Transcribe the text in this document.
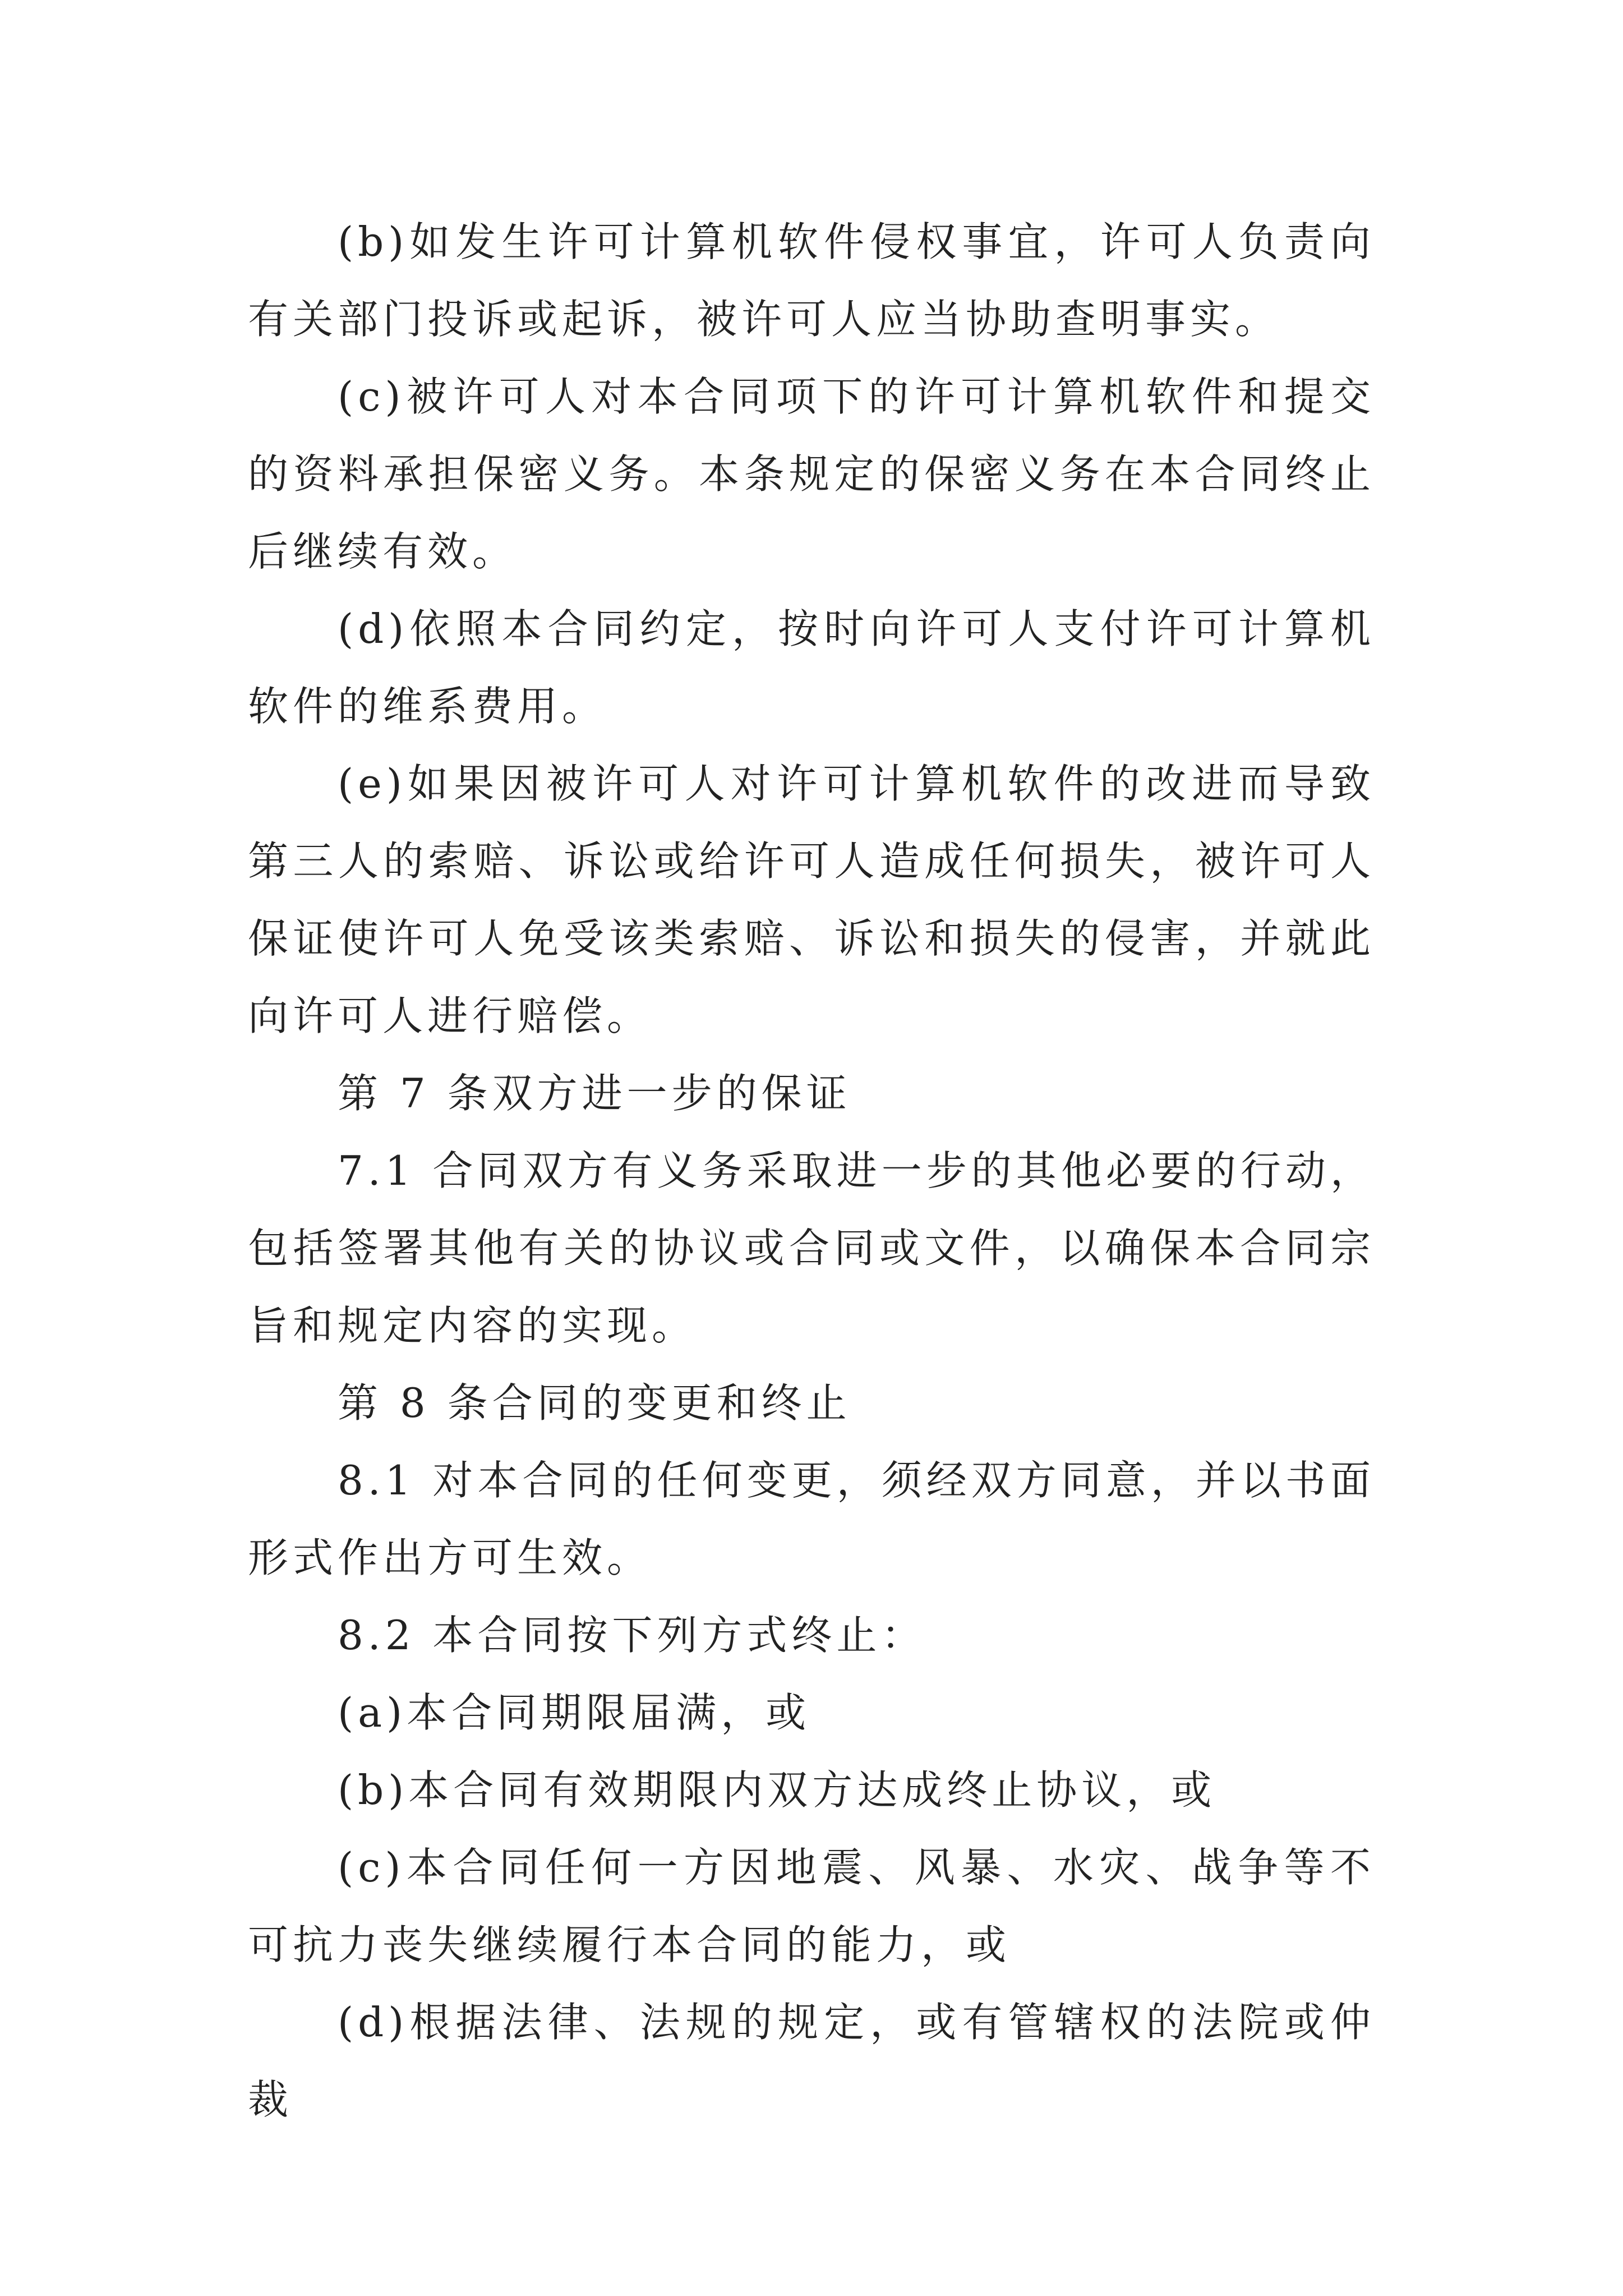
(b)如发生许可计算机软件侵权事宜，许可人负责向有关部门投诉或起诉，被许可人应当协助查明事实。

(c)被许可人对本合同项下的许可计算机软件和提交的资料承担保密义务。本条规定的保密义务在本合同终止后继续有效。

(d)依照本合同约定，按时向许可人支付许可计算机软件的维系费用。

(e)如果因被许可人对许可计算机软件的改进而导致第三人的索赔、诉讼或给许可人造成任何损失，被许可人保证使许可人免受该类索赔、诉讼和损失的侵害，并就此向许可人进行赔偿。

第 7 条双方进一步的保证

7.1 合同双方有义务采取进一步的其他必要的行动，包括签署其他有关的协议或合同或文件，以确保本合同宗旨和规定内容的实现。

第 8 条合同的变更和终止

8.1 对本合同的任何变更，须经双方同意，并以书面形式作出方可生效。

8.2 本合同按下列方式终止：

(a)本合同期限届满，或

(b)本合同有效期限内双方达成终止协议，或

(c)本合同任何一方因地震、风暴、水灾、战争等不可抗力丧失继续履行本合同的能力，或

(d)根据法律、法规的规定，或有管辖权的法院或仲裁
